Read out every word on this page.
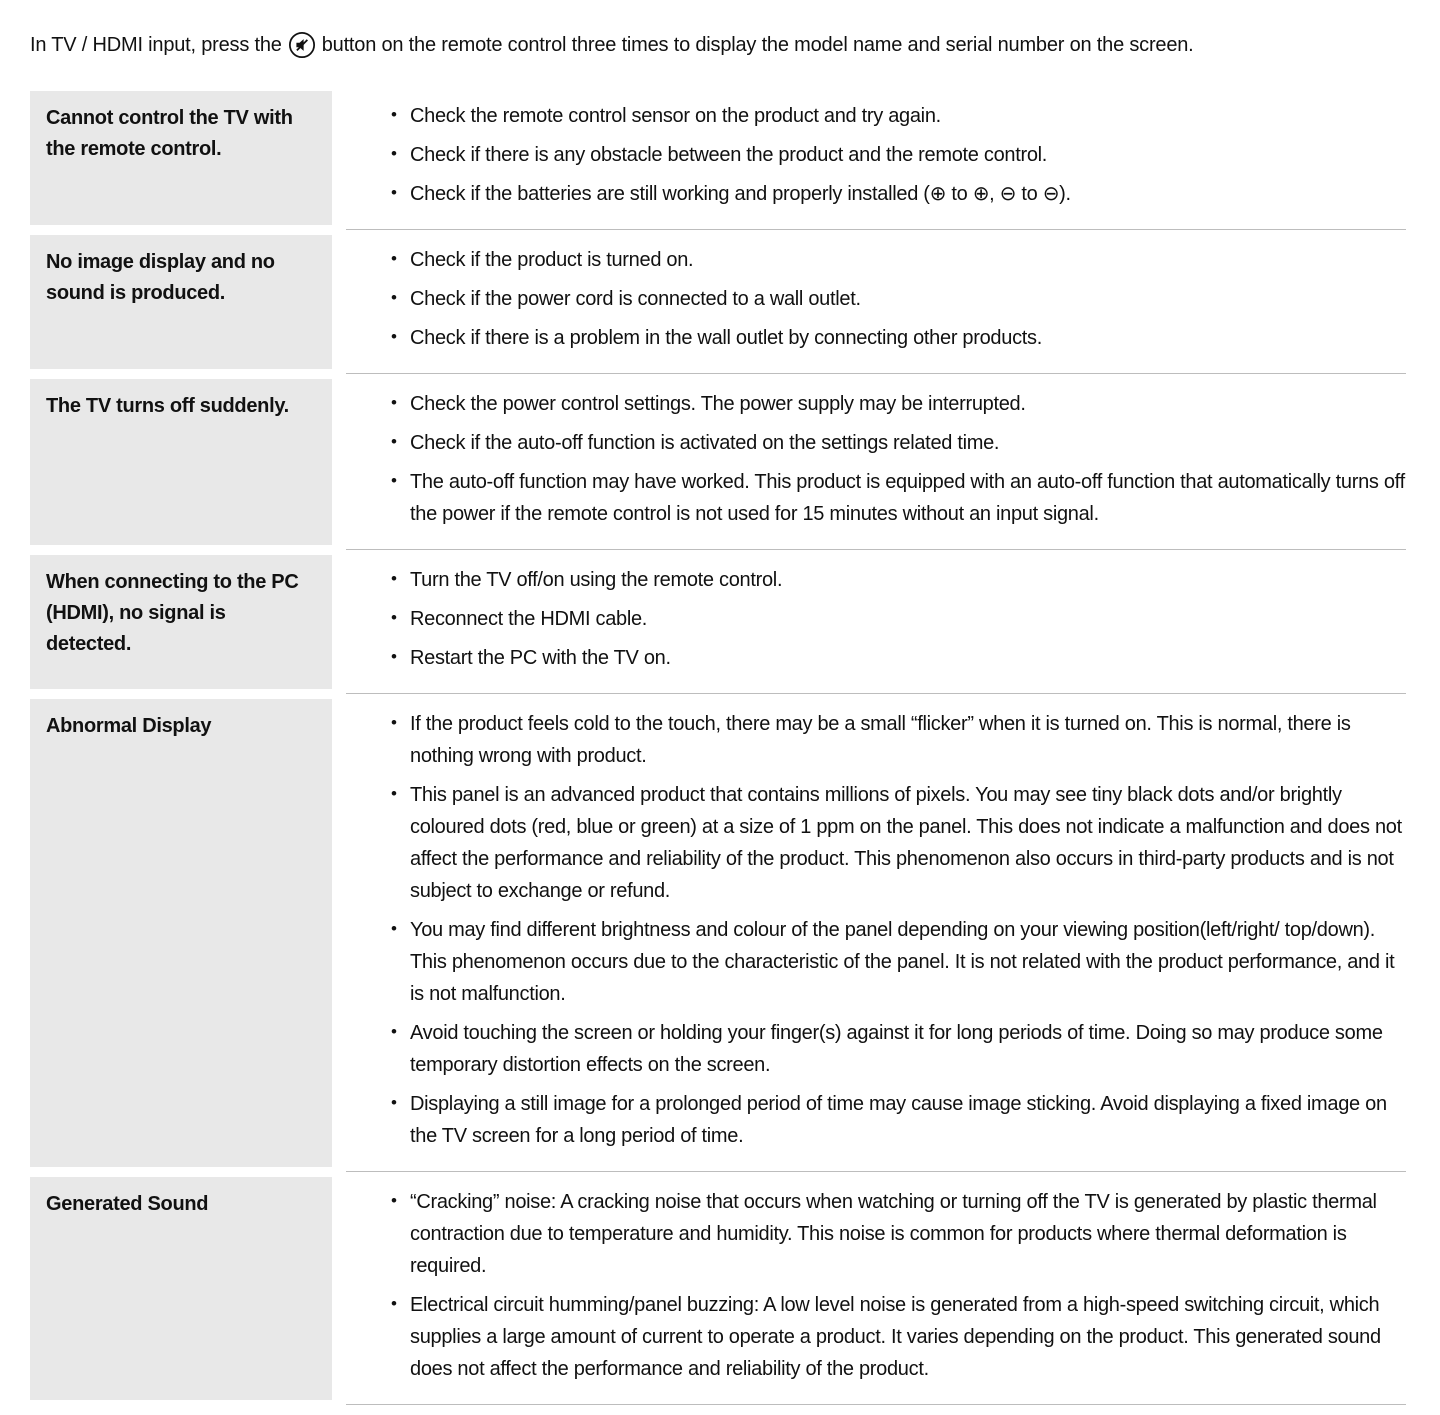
In TV / HDMI input, press the button on the remote control three times to display the model name and serial number on the screen.

Cannot control the TV with the remote control.
• Check the remote control sensor on the product and try again.
• Check if there is any obstacle between the product and the remote control.
• Check if the batteries are still working and properly installed (⊕ to ⊕, ⊖ to ⊖).
No image display and no sound is produced.
• Check if the product is turned on.
• Check if the power cord is connected to a wall outlet.
• Check if there is a problem in the wall outlet by connecting other products.
The TV turns off suddenly.	• Check the power control settings. The power supply may be interrupted.
• Check if the auto-off function is activated on the settings related time.
• The auto-off function may have worked. This product is equipped with an auto-off function that automatically turns off the power if the remote control is not used for 15 minutes without an input signal.
When connecting to the PC (HDMI), no signal is detected.
• Turn the TV off/on using the remote control.
• Reconnect the HDMI cable.
• Restart the PC with the TV on.
Abnormal Display	• If the product feels cold to the touch, there may be a small “flicker” when it is turned on. This is normal, there is nothing wrong with product.
• This panel is an advanced product that contains millions of pixels. You may see tiny black dots and/or brightly coloured dots (red, blue or green) at a size of 1 ppm on the panel. This does not indicate a malfunction and does not affect the performance and reliability of the product. This phenomenon also occurs in third-party products and is not subject to exchange or refund.
• You may find different brightness and colour of the panel depending on your viewing position(left/right/ top/down). This phenomenon occurs due to the characteristic of the panel. It is not related with the product performance, and it is not malfunction.
• Avoid touching the screen or holding your finger(s) against it for long periods of time. Doing so may produce some temporary distortion effects on the screen.
• Displaying a still image for a prolonged period of time may cause image sticking. Avoid displaying a fixed image on the TV screen for a long period of time.
Generated Sound	• “Cracking” noise: A cracking noise that occurs when watching or turning off the TV is generated by plastic thermal contraction due to temperature and humidity. This noise is common for products where thermal deformation is required.
• Electrical circuit humming/panel buzzing: A low level noise is generated from a high-speed switching circuit, which supplies a large amount of current to operate a product. It varies depending on the product. This generated sound does not affect the performance and reliability of the product.
